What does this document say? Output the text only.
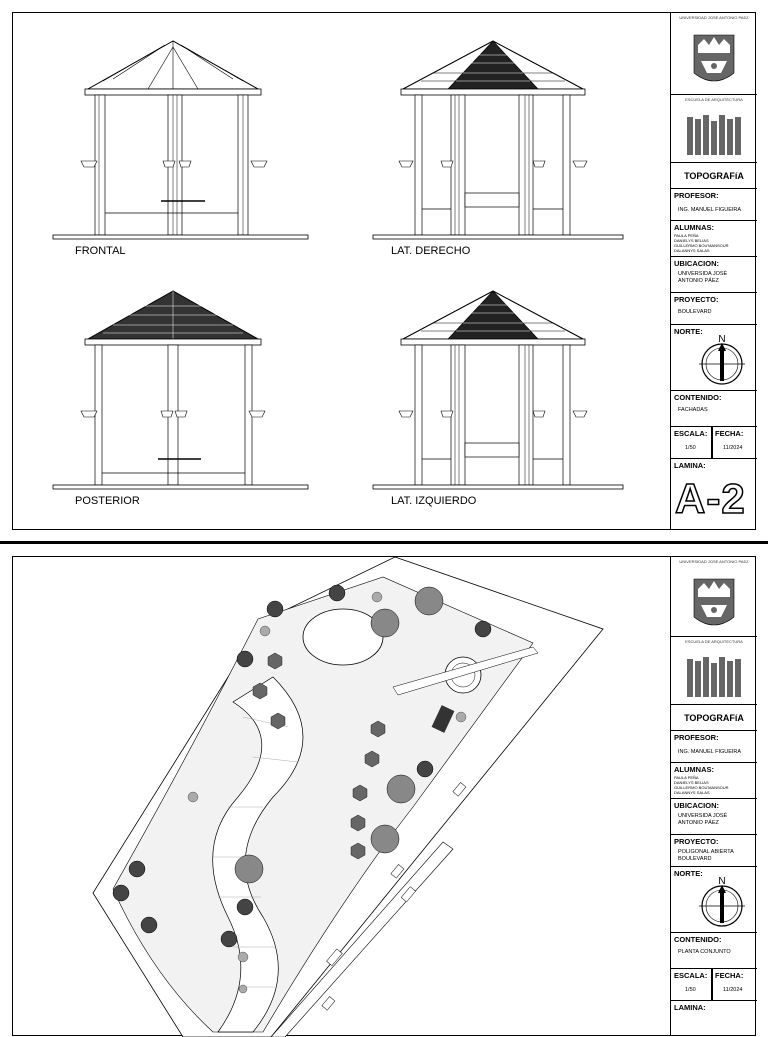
FRONTAL	LAT. DERECHO
POSTERIOR	LAT. IZQUIERDO
UNIVERSIDAD JOSE ANTONIO PAEZ
ESCUELA DE ARQUITECTURA
TOPOGRAFíA
PROFESOR:
ING. MANUEL FIGUEIRA
ALUMNAS:
PAULA PEÑA
DANIELYS BELIAS
GUILLERMO BOU'MANSOUR
DALANNYS SALAS
UBICACION:
UNIVERSIDA JOSÉ
ANTONIO PÁEZ
PROYECTO:
BOULEVARD
NORTE:
N
CONTENIDO:
FACHADAS
ESCALA:
1/50
FECHA:
11/2024
LAMINA:
A-2
UNIVERSIDAD JOSE ANTONIO PAEZ
ESCUELA DE ARQUITECTURA
TOPOGRAFíA
PROFESOR:
ING. MANUEL FIGUEIRA
ALUMNAS:
PAULA PEÑA
DANIELYS BELIAS
GUILLERMO BOU'MANSOUR
DALANNYS SALAS
UBICACION:
UNIVERSIDA JOSÉ
ANTONIO PÁEZ
PROYECTO:
POLIGONAL ABIERTA
BOULEVARD
NORTE:
N
CONTENIDO:
PLANTA CONJUNTO
ESCALA:
1/50
FECHA:
11/2024
LAMINA:
